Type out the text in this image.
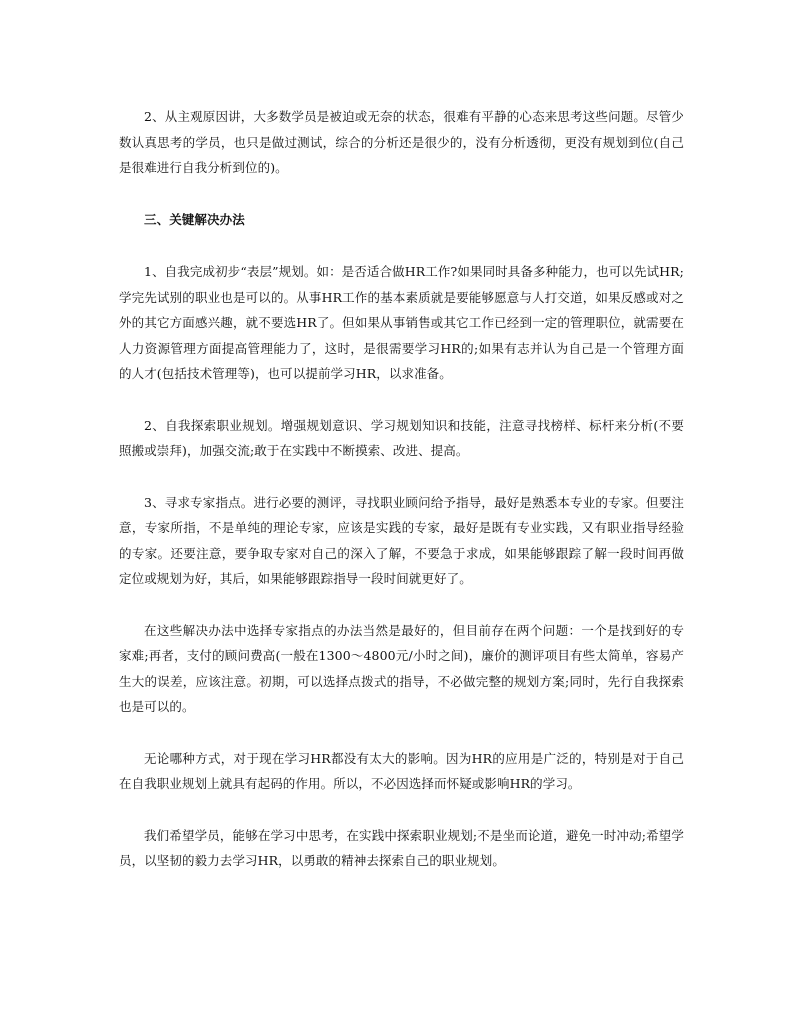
2、从主观原因讲，大多数学员是被迫或无奈的状态，很难有平静的心态来思考这些问题。尽管少数认真思考的学员，也只是做过测试，综合的分析还是很少的，没有分析透彻，更没有规划到位(自己是很难进行自我分析到位的)。

三、关键解决办法

1、自我完成初步“表层”规划。如：是否适合做HR工作?如果同时具备多种能力，也可以先试HR;学完先试别的职业也是可以的。从事HR工作的基本素质就是要能够愿意与人打交道，如果反感或对之外的其它方面感兴趣，就不要选HR了。但如果从事销售或其它工作已经到一定的管理职位，就需要在人力资源管理方面提高管理能力了，这时，是很需要学习HR的;如果有志并认为自己是一个管理方面的人才(包括技术管理等)，也可以提前学习HR，以求准备。

2、自我探索职业规划。增强规划意识、学习规划知识和技能，注意寻找榜样、标杆来分析(不要照搬或崇拜)，加强交流;敢于在实践中不断摸索、改进、提高。

3、寻求专家指点。进行必要的测评，寻找职业顾问给予指导，最好是熟悉本专业的专家。但要注意，专家所指，不是单纯的理论专家，应该是实践的专家，最好是既有专业实践，又有职业指导经验的专家。还要注意，要争取专家对自己的深入了解，不要急于求成，如果能够跟踪了解一段时间再做定位或规划为好，其后，如果能够跟踪指导一段时间就更好了。

在这些解决办法中选择专家指点的办法当然是最好的，但目前存在两个问题：一个是找到好的专家难;再者，支付的顾问费高(一般在1300～4800元/小时之间)，廉价的测评项目有些太简单，容易产生大的误差，应该注意。初期，可以选择点拨式的指导，不必做完整的规划方案;同时，先行自我探索也是可以的。

无论哪种方式，对于现在学习HR都没有太大的影响。因为HR的应用是广泛的，特别是对于自己在自我职业规划上就具有起码的作用。所以，不必因选择而怀疑或影响HR的学习。

我们希望学员，能够在学习中思考，在实践中探索职业规划;不是坐而论道，避免一时冲动;希望学员，以坚韧的毅力去学习HR，以勇敢的精神去探索自己的职业规划。
